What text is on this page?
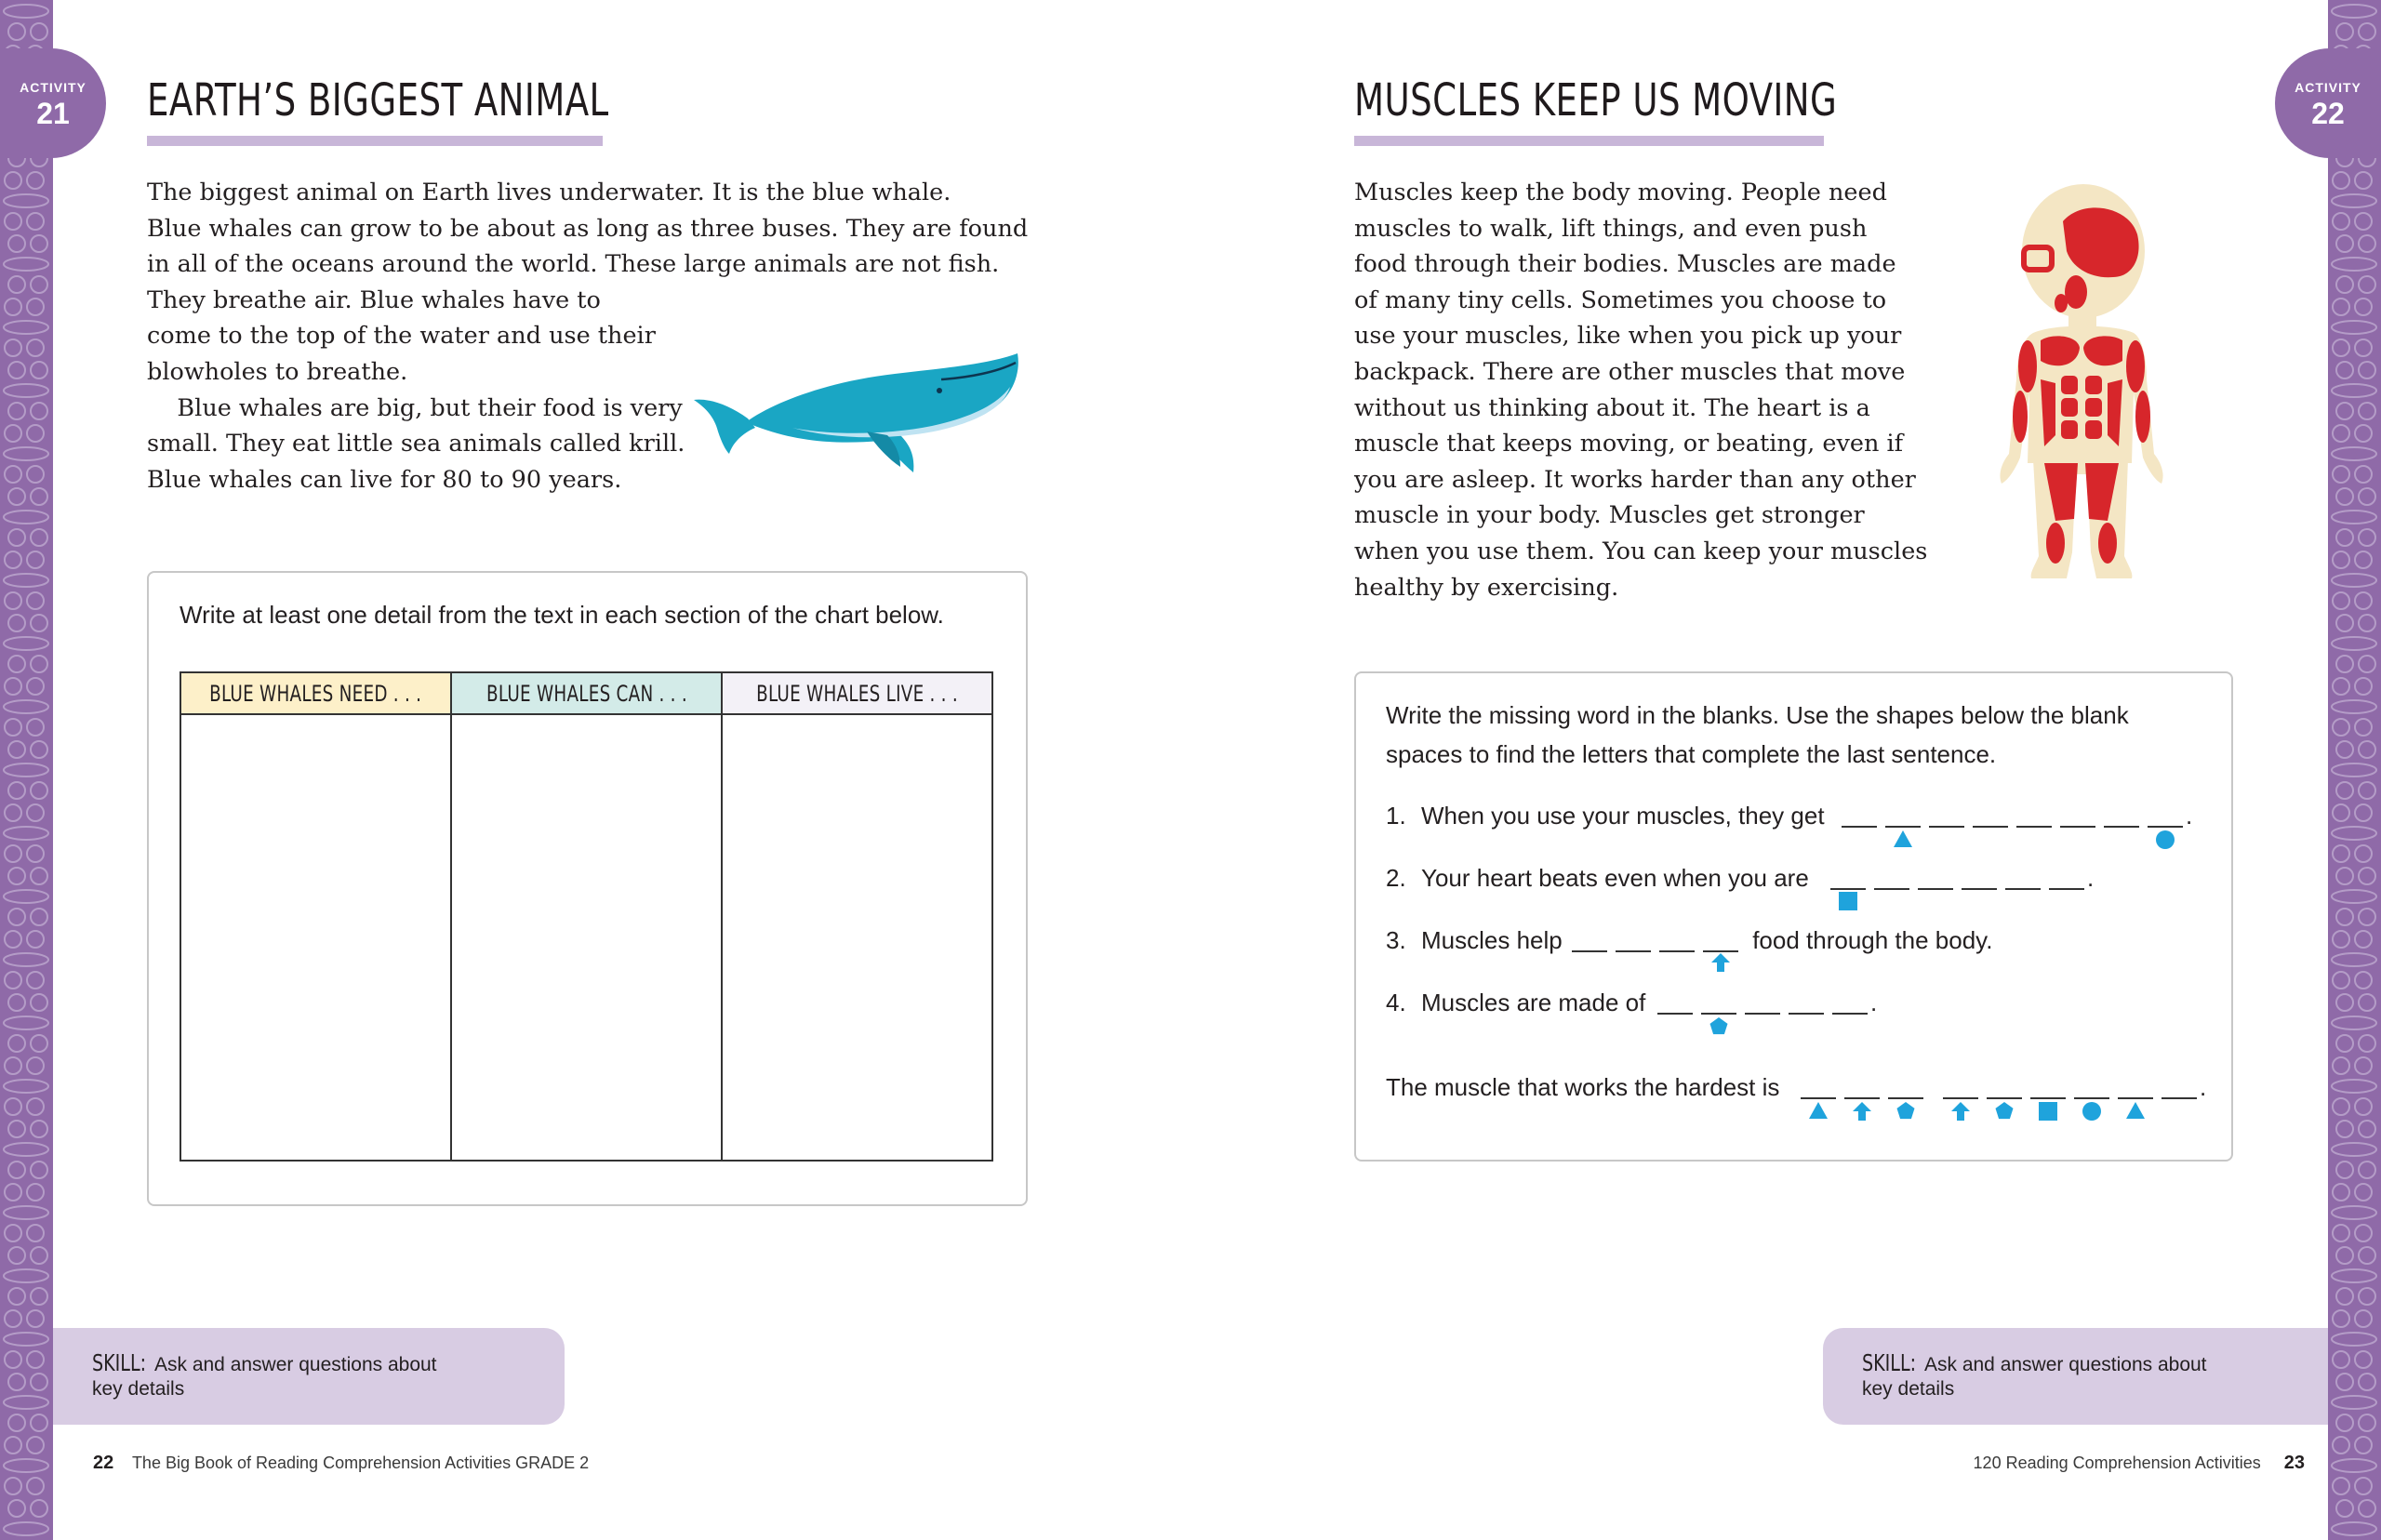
ACTIVITY
21	EARTH’S BIGGEST ANIMAL

The biggest animal on Earth lives underwater. It is the blue whale.

Blue whales can grow to be about as long as three buses. They are found

in all of the oceans around the world. These large animals are not fish.

They breathe air. Blue whales have to

come to the top of the water and use their

blowholes to breathe.

Blue whales are big, but their food is very

small. They eat little sea animals called krill.

Blue whales can live for 80 to 90 years.

Write at least one detail from the text in each section of the chart below.
BLUE WHALES NEED . . .	BLUE WHALES CAN . . .	BLUE WHALES LIVE . . .
SKILL: Ask and answer questions about
key details
22 The Big Book of Reading Comprehension Activities GRADE 2
ACTIVITY
22
MUSCLES KEEP US MOVING

Muscles keep the body moving. People need

muscles to walk, lift things, and even push

food through their bodies. Muscles are made

of many tiny cells. Sometimes you choose to

use your muscles, like when you pick up your

backpack. There are other muscles that move

without us thinking about it. The heart is a

muscle that keeps moving, or beating, even if

you are asleep. It works harder than any other

muscle in your body. Muscles get stronger

when you use them. You can keep your muscles

healthy by exercising.

Write the missing word in the blanks. Use the shapes below the blank
spaces to find the letters that complete the last sentence.
1. When you use your muscles, they get
2. Your heart beats even when you are
3. Muscles help	food through the body.
4. Muscles are made of
The muscle that works the hardest is
SKILL: Ask and answer questions about
key details
120 Reading Comprehension Activities 23
.
.
.
.
